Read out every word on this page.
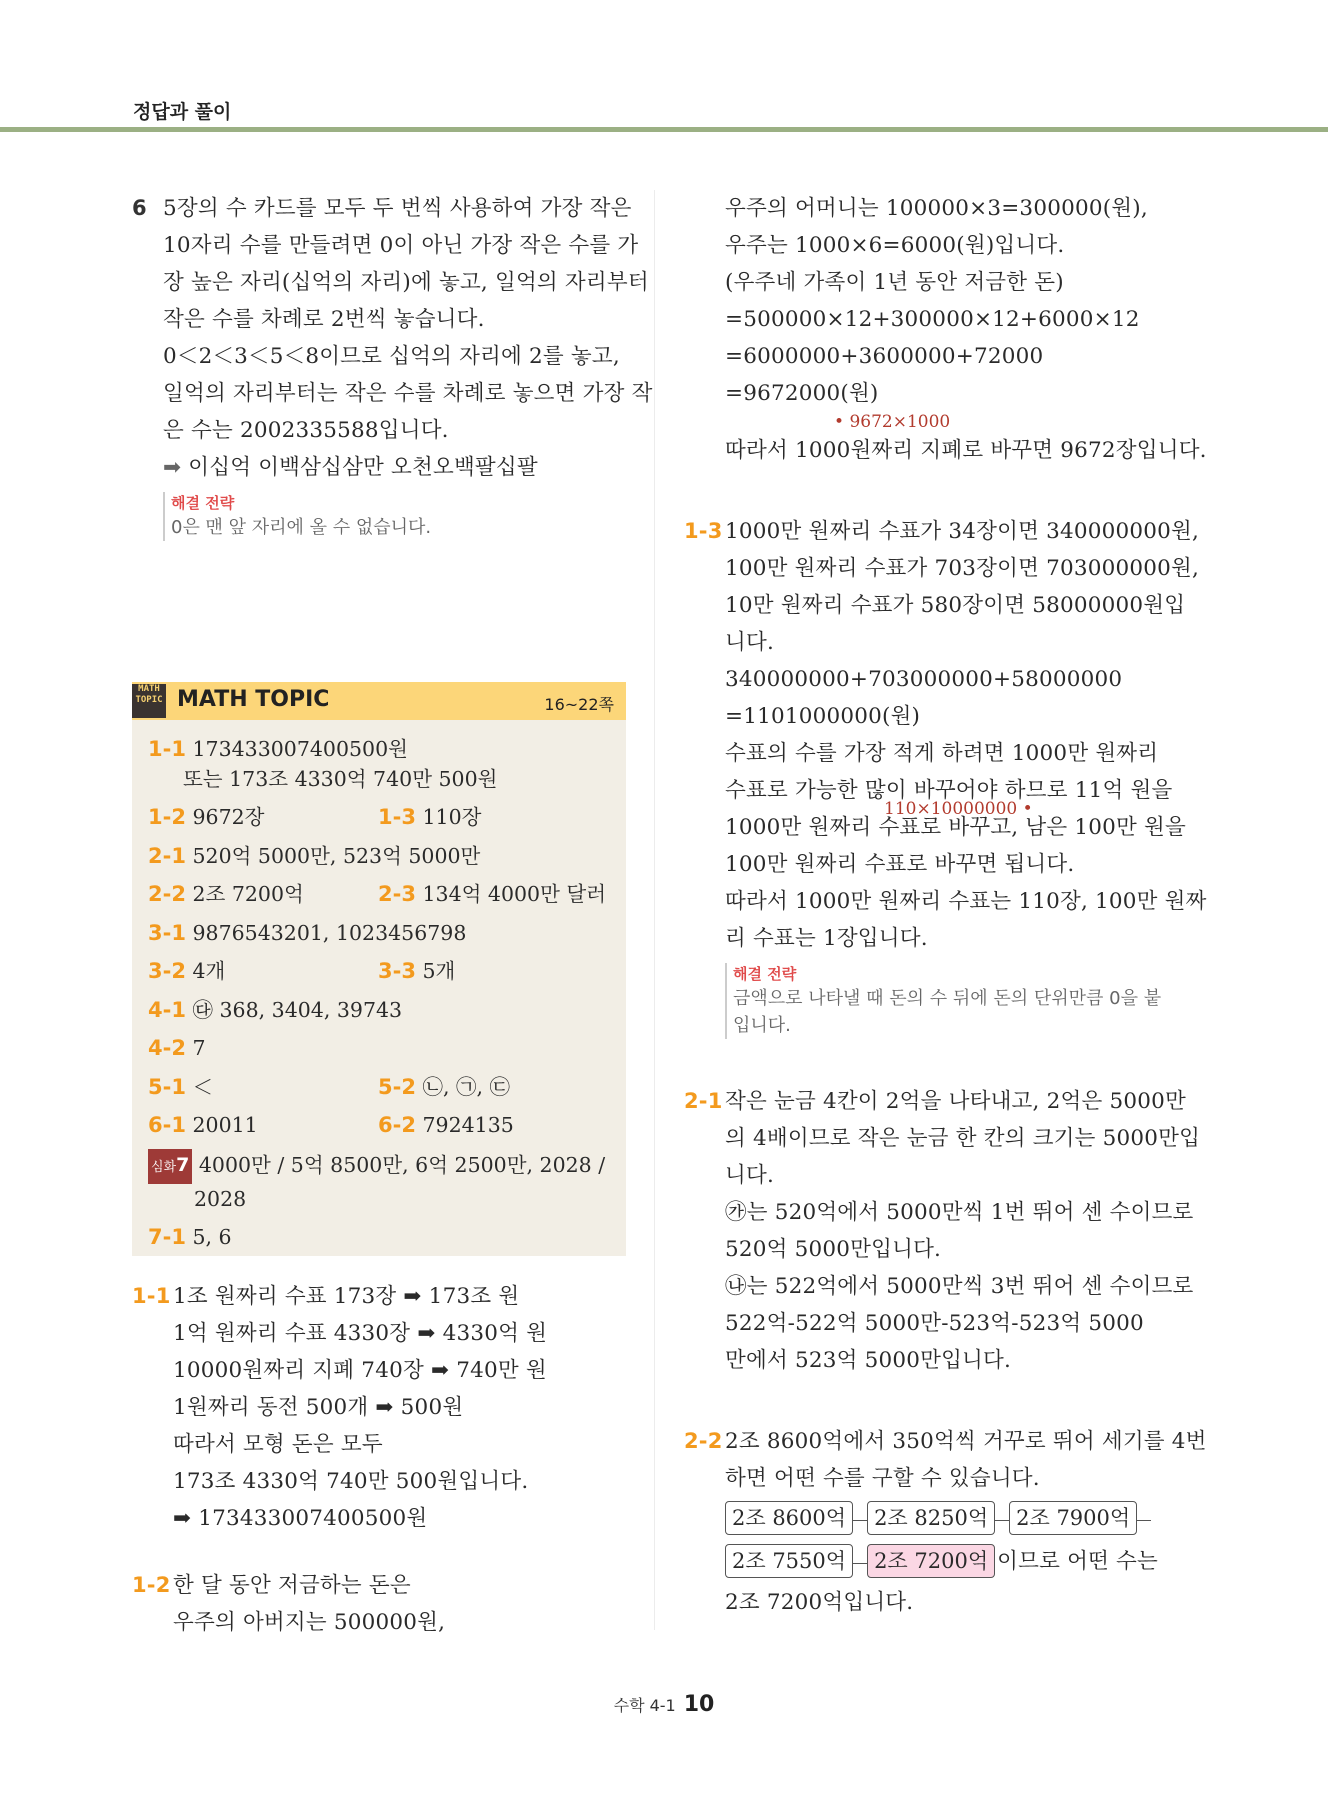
정답과 풀이
6 5장의 수 카드를 모두 두 번씩 사용하여 가장 작은
10자리 수를 만들려면 0이 아닌 가장 작은 수를 가
장 높은 자리(십억의 자리)에 놓고, 일억의 자리부터
작은 수를 차례로 2번씩 놓습니다.
0＜2＜3＜5＜8이므로 십억의 자리에 2를 놓고,
일억의 자리부터는 작은 수를 차례로 놓으면 가장 작
은 수는 2002335588입니다.
➡ 이십억 이백삼십삼만 오천오백팔십팔
해결 전략
0은 맨 앞 자리에 올 수 없습니다.
MATH TOPIC MATH TOPIC	16~22쪽
1-1 173433007400500원
또는 173조 4330억 740만 500원
1-2 9672장	1-3 110장
2-1 520억 5000만, 523억 5000만
2-2 2조 7200억	2-3 134억 4000만 달러
3-1 9876543201, 1023456798
3-2 4개	3-3 5개
4-1 ㉰ 368, 3404, 39743
4-2 7
5-1 ＜	5-2 ㉡, ㉠, ㉢
6-1 20011	6-2 7924135
심화7 4000만 / 5억 8500만, 6억 2500만, 2028 /
2028
7-1 5, 6
1-1 1조 원짜리 수표 173장 ➡ 173조 원
1억 원짜리 수표 4330장 ➡ 4330억 원
10000원짜리 지폐 740장 ➡ 740만 원
1원짜리 동전 500개 ➡ 500원
따라서 모형 돈은 모두
173조 4330억 740만 500원입니다.
➡ 173433007400500원
1-2 한 달 동안 저금하는 돈은
우주의 아버지는 500000원,
우주의 어머니는 100000×3=300000(원),
우주는 1000×6=6000(원)입니다.
(우주네 가족이 1년 동안 저금한 돈)
=500000×12+300000×12+6000×12
=6000000+3600000+72000
=9672000(원)
• 9672×1000
따라서 1000원짜리 지폐로 바꾸면 9672장입니다.
1-3 1000만 원짜리 수표가 34장이면 340000000원,
100만 원짜리 수표가 703장이면 703000000원,
10만 원짜리 수표가 580장이면 58000000원입
니다.
340000000+703000000+58000000
=1101000000(원)
수표의 수를 가장 적게 하려면 1000만 원짜리
수표로 가능한 많이 바꾸어야 하므로 11억 원을
110×10000000 •
1000만 원짜리 수표로 바꾸고, 남은 100만 원을
100만 원짜리 수표로 바꾸면 됩니다.
따라서 1000만 원짜리 수표는 110장, 100만 원짜
리 수표는 1장입니다.
해결 전략
금액으로 나타낼 때 돈의 수 뒤에 돈의 단위만큼 0을 붙
입니다.
2-1 작은 눈금 4칸이 2억을 나타내고, 2억은 5000만
의 4배이므로 작은 눈금 한 칸의 크기는 5000만입
니다.
㉮는 520억에서 5000만씩 1번 뛰어 센 수이므로
520억 5000만입니다.
㉯는 522억에서 5000만씩 3번 뛰어 센 수이므로
522억-522억 5000만-523억-523억 5000
만에서 523억 5000만입니다.
2-2 2조 8600억에서 350억씩 거꾸로 뛰어 세기를 4번
하면 어떤 수를 구할 수 있습니다.
2조 8600억 2조 8250억 2조 7900억
2조 7550억 2조 7200억 이므로 어떤 수는
2조 7200억입니다.
수학 4-1 10
